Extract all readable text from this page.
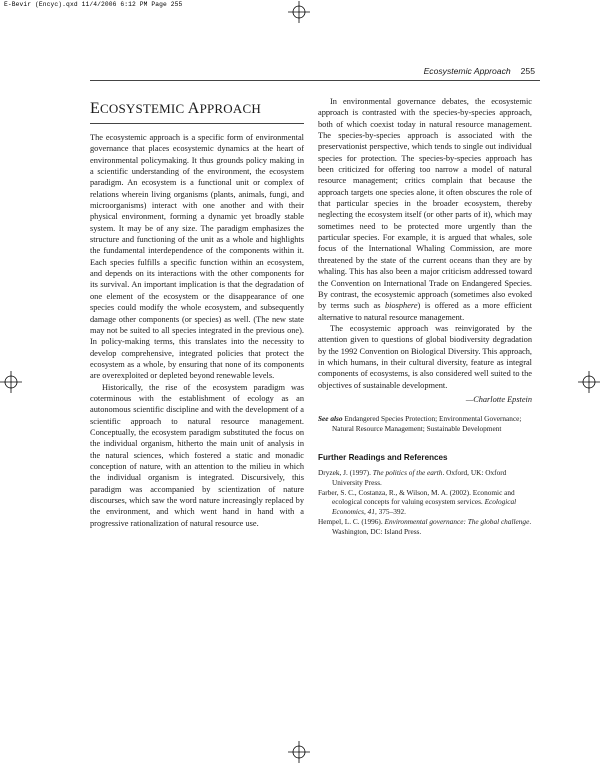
E-Bevir (Encyc).qxd 11/4/2006 6:12 PM Page 255
Ecosystemic Approach 255
ECOSYSTEMIC APPROACH

The ecosystemic approach is a specific form of environmental governance that places ecosystemic dynamics at the heart of environmental policymaking. It thus grounds policy making in a scientific understanding of the environment, the ecosystem paradigm. An ecosystem is a functional unit or complex of relations wherein living organisms (plants, animals, fungi, and microorganisms) interact with one another and with their physical environment, forming a dynamic yet broadly stable system. It may be of any size. The paradigm emphasizes the structure and functioning of the unit as a whole and highlights the fundamental interdependence of the components within it. Each species fulfills a specific function within an ecosystem, and depends on its interactions with the other components for its survival. An important implication is that the degradation of one element of the ecosystem or the disappearance of one species could modify the whole ecosystem, and subsequently damage other components (or species) as well. (The new state may not be suited to all species integrated in the previous one). In policy-making terms, this translates into the necessity to develop comprehensive, integrated policies that protect the ecosystem as a whole, by ensuring that none of its components are overexploited or depleted beyond renewable levels.

Historically, the rise of the ecosystem paradigm was coterminous with the establishment of ecology as an autonomous scientific discipline and with the development of a scientific approach to natural resource management. Conceptually, the ecosystem paradigm substituted the focus on the individual organism, hitherto the main unit of analysis in the natural sciences, which fostered a static and monadic conception of nature, with an attention to the milieu in which the individual organism is integrated. Discursively, this paradigm was accompanied by scientization of nature discourses, which saw the word nature increasingly replaced by the environment, and which went hand in hand with a progressive rationalization of natural resource use.

In environmental governance debates, the ecosystemic approach is contrasted with the species-by-species approach, both of which coexist today in natural resource management. The species-by-species approach is associated with the preservationist perspective, which tends to single out individual species for protection. The species-by-species approach has been criticized for offering too narrow a model of natural resource management; critics complain that because the approach targets one species alone, it often obscures the role of that particular species in the broader ecosystem, thereby neglecting the ecosystem itself (or other parts of it), which may sometimes need to be protected more urgently than the particular species. For example, it is argued that whales, sole focus of the International Whaling Commission, are more threatened by the state of the current oceans than they are by whaling. This has also been a major criticism addressed toward the Convention on International Trade on Endangered Species. By contrast, the ecosystemic approach (sometimes also evoked by terms such as biosphere) is offered as a more efficient alternative to natural resource management.

The ecosystemic approach was reinvigorated by the attention given to questions of global biodiversity degradation by the 1992 Convention on Biological Diversity. This approach, in which humans, in their cultural diversity, feature as integral components of ecosystems, is also considered well suited to the objectives of sustainable development.

—Charlotte Epstein
See also Endangered Species Protection; Environmental Governance; Natural Resource Management; Sustainable Development
Further Readings and References
Dryzek, J. (1997). The politics of the earth. Oxford, UK: Oxford University Press.
Farber, S. C., Costanza, R., & Wilson, M. A. (2002). Economic and ecological concepts for valuing ecosystem services. Ecological Economics, 41, 375–392.
Hempel, L. C. (1996). Environmental governance: The global challenge. Washington, DC: Island Press.
